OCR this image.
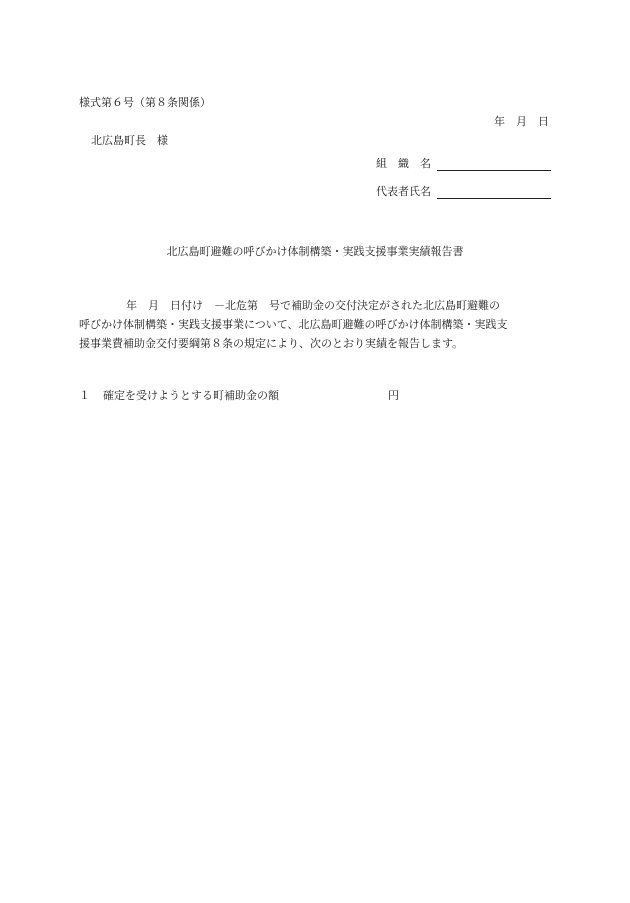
様式第６号（第８条関係）
年　月　日
北広島町長　様
組　織　名
代表者氏名
北広島町避難の呼びかけ体制構築・実践支援事業実績報告書
年　月　日付け　－北危第　号で補助金の交付決定がされた北広島町避難の
呼びかけ体制構築・実践支援事業について、北広島町避難の呼びかけ体制構築・実践支
援事業費補助金交付要綱第８条の規定により、次のとおり実績を報告します。
１ 確定を受けようとする町補助金の額	円
